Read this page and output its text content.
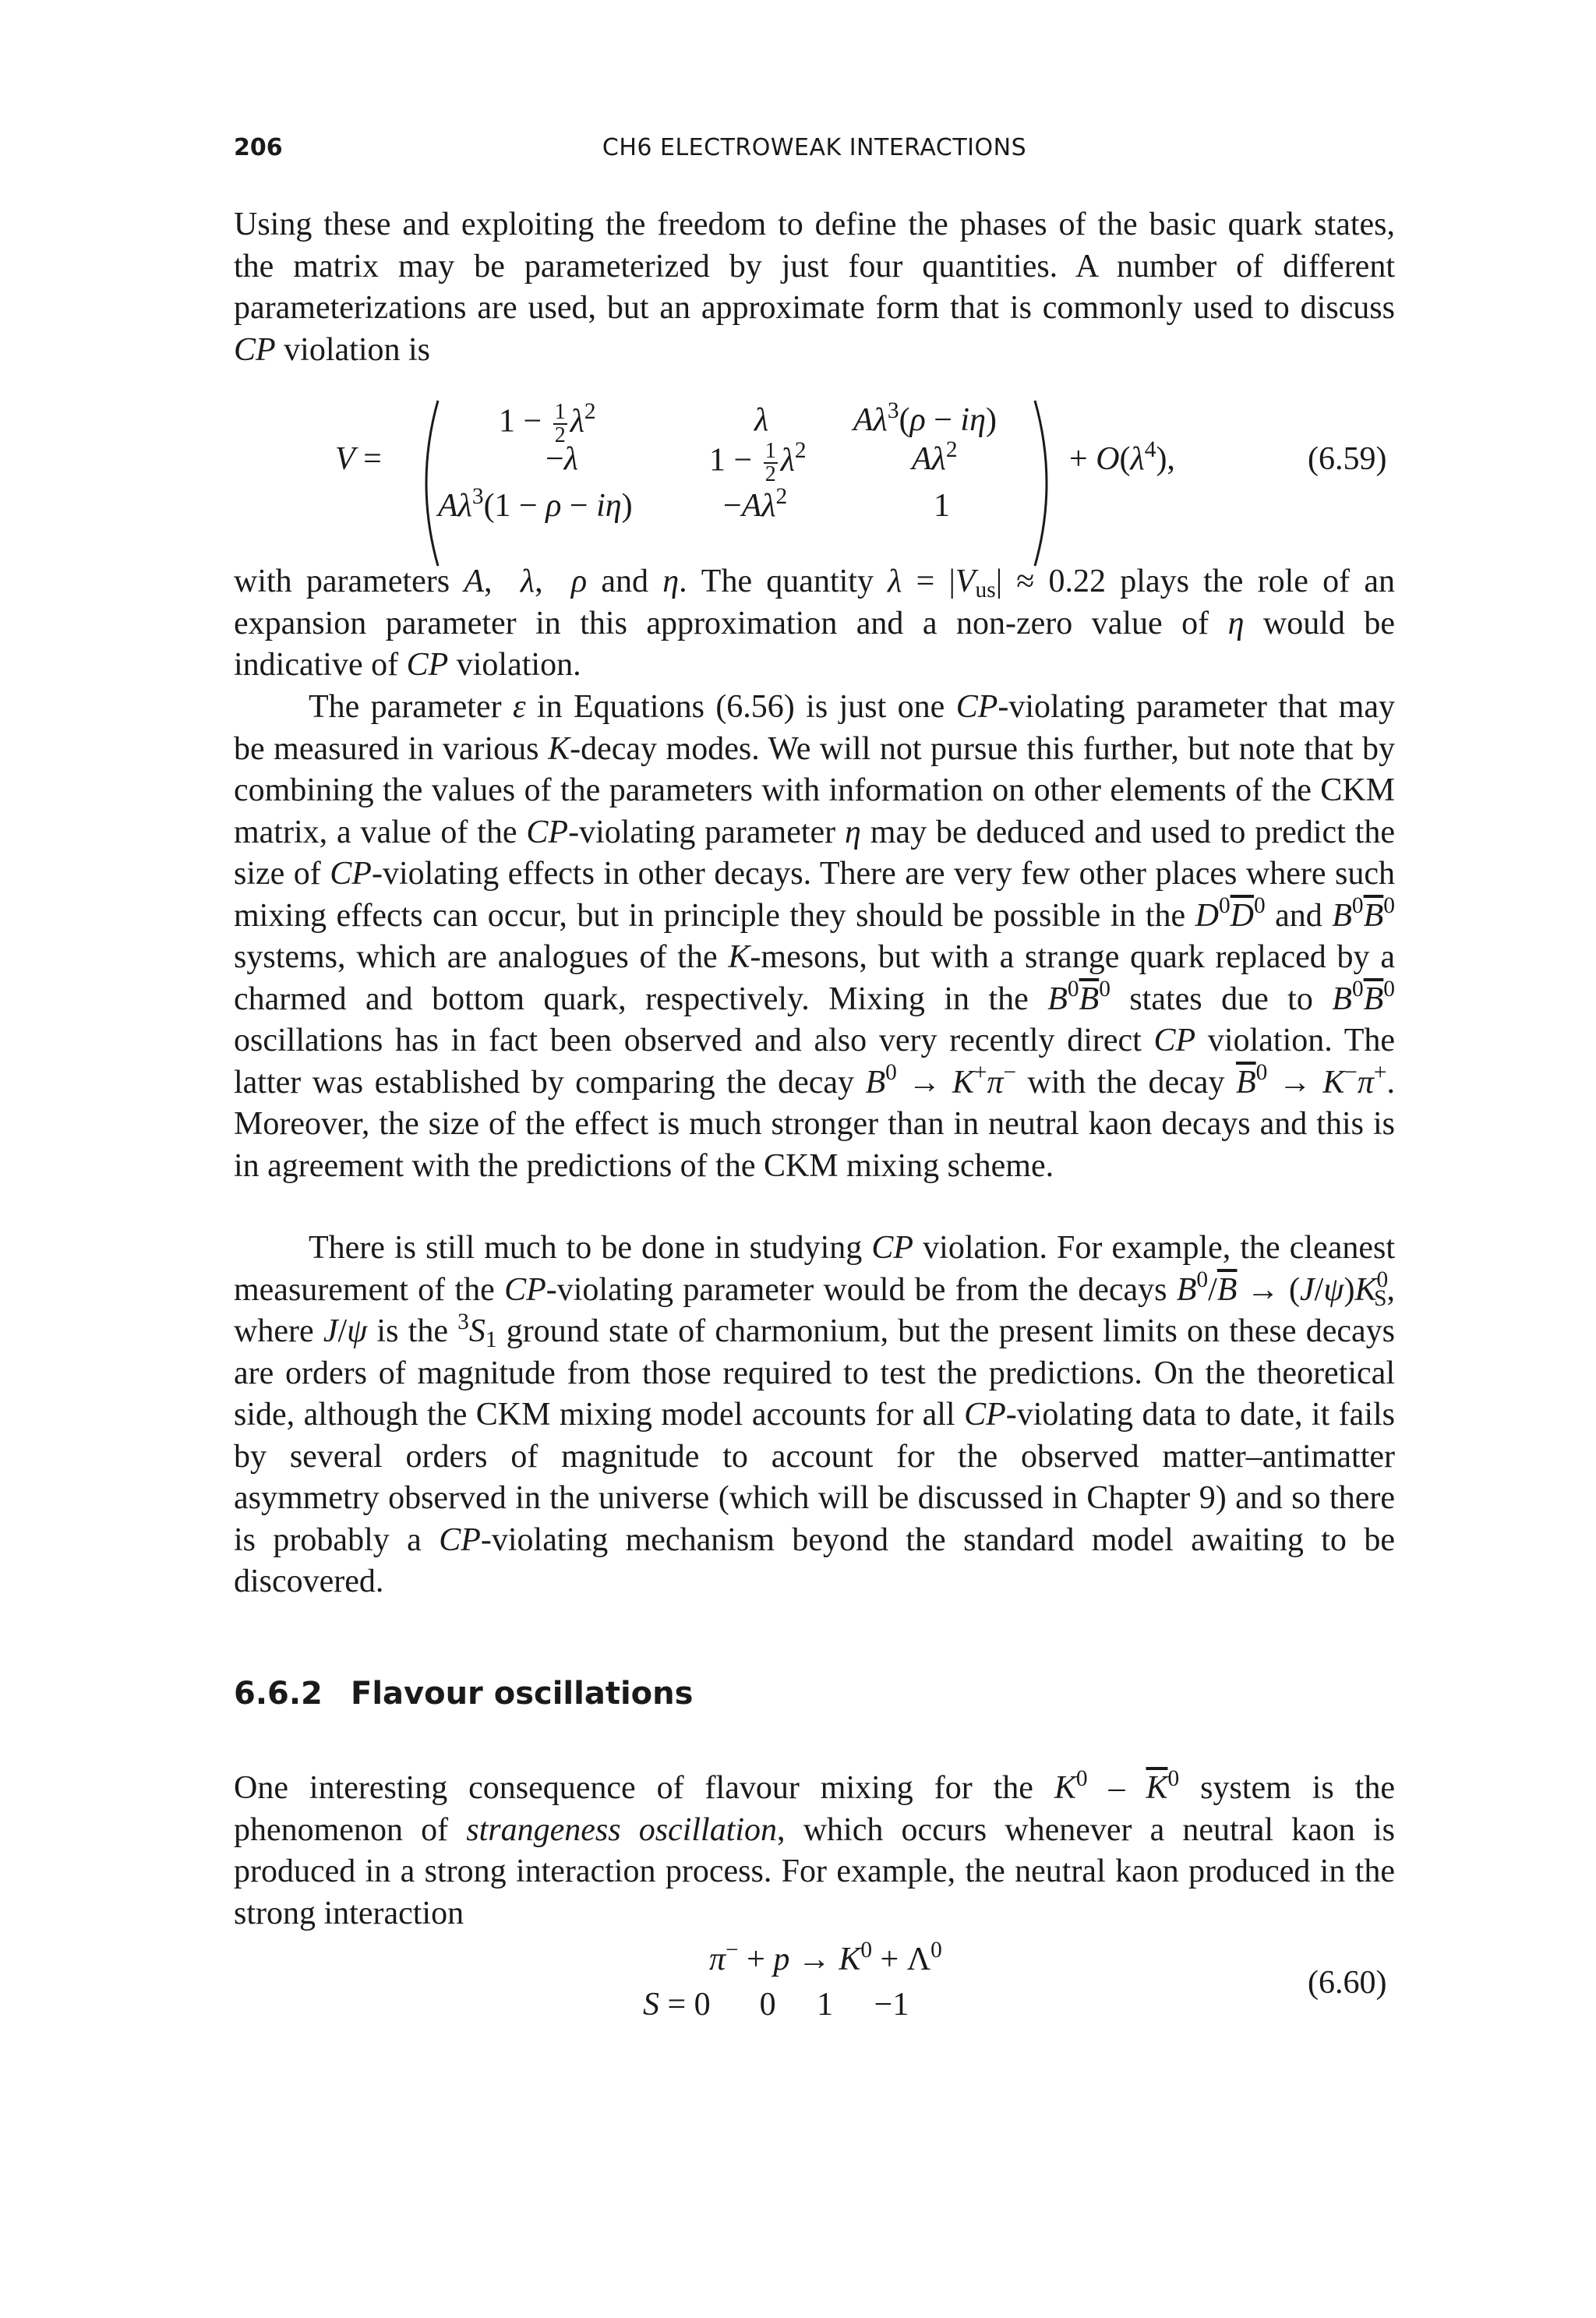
206	CH6 ELECTROWEAK INTERACTIONS
Using these and exploiting the freedom to define the phases of the basic quark states, the matrix may be parameterized by just four quantities. A number of different parameterizations are used, but an approximate form that is commonly used to discuss CP violation is
V =
$1 - \frac{1}{2} \lambda^2$	λ	$A\lambda^3(\rho - i\eta)$
−λ	$1 - \frac{1}{2} \lambda^2$	$A\lambda^2$
$A\lambda^3(1 - \rho - i\eta)$	$-A\lambda^2$	1
+ $O(\lambda^4)$,	(6.59)
with parameters A,  λ,  ρ and η. The quantity $\lambda = |V_{us}| \approx 0.22$ plays the role of an expansion parameter in this approximation and a non-zero value of η would be indicative of CP violation.
The parameter ε in Equations (6.56) is just one CP-violating parameter that may be measured in various K-decay modes. We will not pursue this further, but note that by combining the values of the parameters with information on other elements of the CKM matrix, a value of the CP-violating parameter η may be deduced and used to predict the size of CP-violating effects in other decays. There are very few other places where such mixing effects can occur, but in principle they should be possible in the $D^0\overline{D}^0$ and $B^0\overline{B}^0$ systems, which are analogues of the K-mesons, but with a strange quark replaced by a charmed and bottom quark, respectively. Mixing in the $B^0\overline{B}^0$ states due to $B^0\overline{B}^0$ oscillations has in fact been observed and also very recently direct CP violation. The latter was established by comparing the decay $B^0 \to K^+\pi^-$ with the decay $\overline{B}^0 \to K^-\pi^+$. Moreover, the size of the effect is much stronger than in neutral kaon decays and this is in agreement with the predictions of the CKM mixing scheme.
There is still much to be done in studying CP violation. For example, the cleanest measurement of the CP-violating parameter would be from the decays $B^0/\overline{B} \to (J/\psi)K^0_S$, where J/ψ is the $^3S_1$ ground state of charmonium, but the present limits on these decays are orders of magnitude from those required to test the predictions. On the theoretical side, although the CKM mixing model accounts for all CP-violating data to date, it fails by several orders of magnitude to account for the observed matter–antimatter asymmetry observed in the universe (which will be discussed in Chapter 9) and so there is probably a CP-violating mechanism beyond the standard model awaiting to be discovered.
6.6.2 Flavour oscillations
One interesting consequence of flavour mixing for the $K^0 - \overline{K}^0$ system is the phenomenon of strangeness oscillation, which occurs whenever a neutral kaon is produced in a strong interaction process. For example, the neutral kaon produced in the strong interaction
$\pi^- + p \to K^0 + \Lambda^0$
S = 0      0     1     −1
(6.60)
